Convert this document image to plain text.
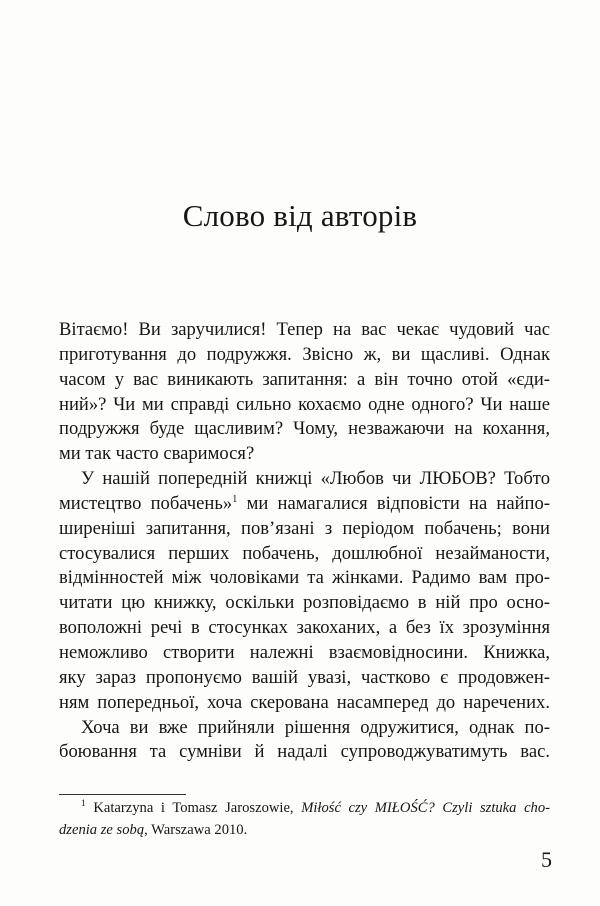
Слово від авторів
Вітаємо! Ви заручилися! Тепер на вас чекає чудовий час
приготування до подружжя. Звісно ж, ви щасливі. Однак
часом у вас виникають запитання: а він точно отой «єди-
ний»? Чи ми справді сильно кохаємо одне одного? Чи наше
подружжя буде щасливим? Чому, незважаючи на кохання,
ми так часто сваримося?
У нашій попередній книжці «Любов чи ЛЮБОВ? Тобто
мистецтво побачень»$^1$ ми намагалися відповісти на найпо-
ширеніші запитання, пов’язані з періодом побачень; вони
стосувалися перших побачень, дошлюбної незайманости,
відмінностей між чоловіками та жінками. Радимо вам про-
читати цю книжку, оскільки розповідаємо в ній про осно-
воположні речі в стосунках закоханих, а без їх зрозуміння
неможливо створити належні взаємовідносини. Книжка,
яку зараз пропонуємо вашій увазі, частково є продовжен-
ням попередньої, хоча скерована насамперед до наречених.
Хоча ви вже прийняли рішення одружитися, однак по-
боювання та сумніви й надалі супроводжуватимуть вас.
$^1$ Katarzyna i Tomasz Jaroszowie, Miłość czy MIŁOŚĆ? Czyli sztuka cho-
dzenia ze sobą, Warszawa 2010.
5
